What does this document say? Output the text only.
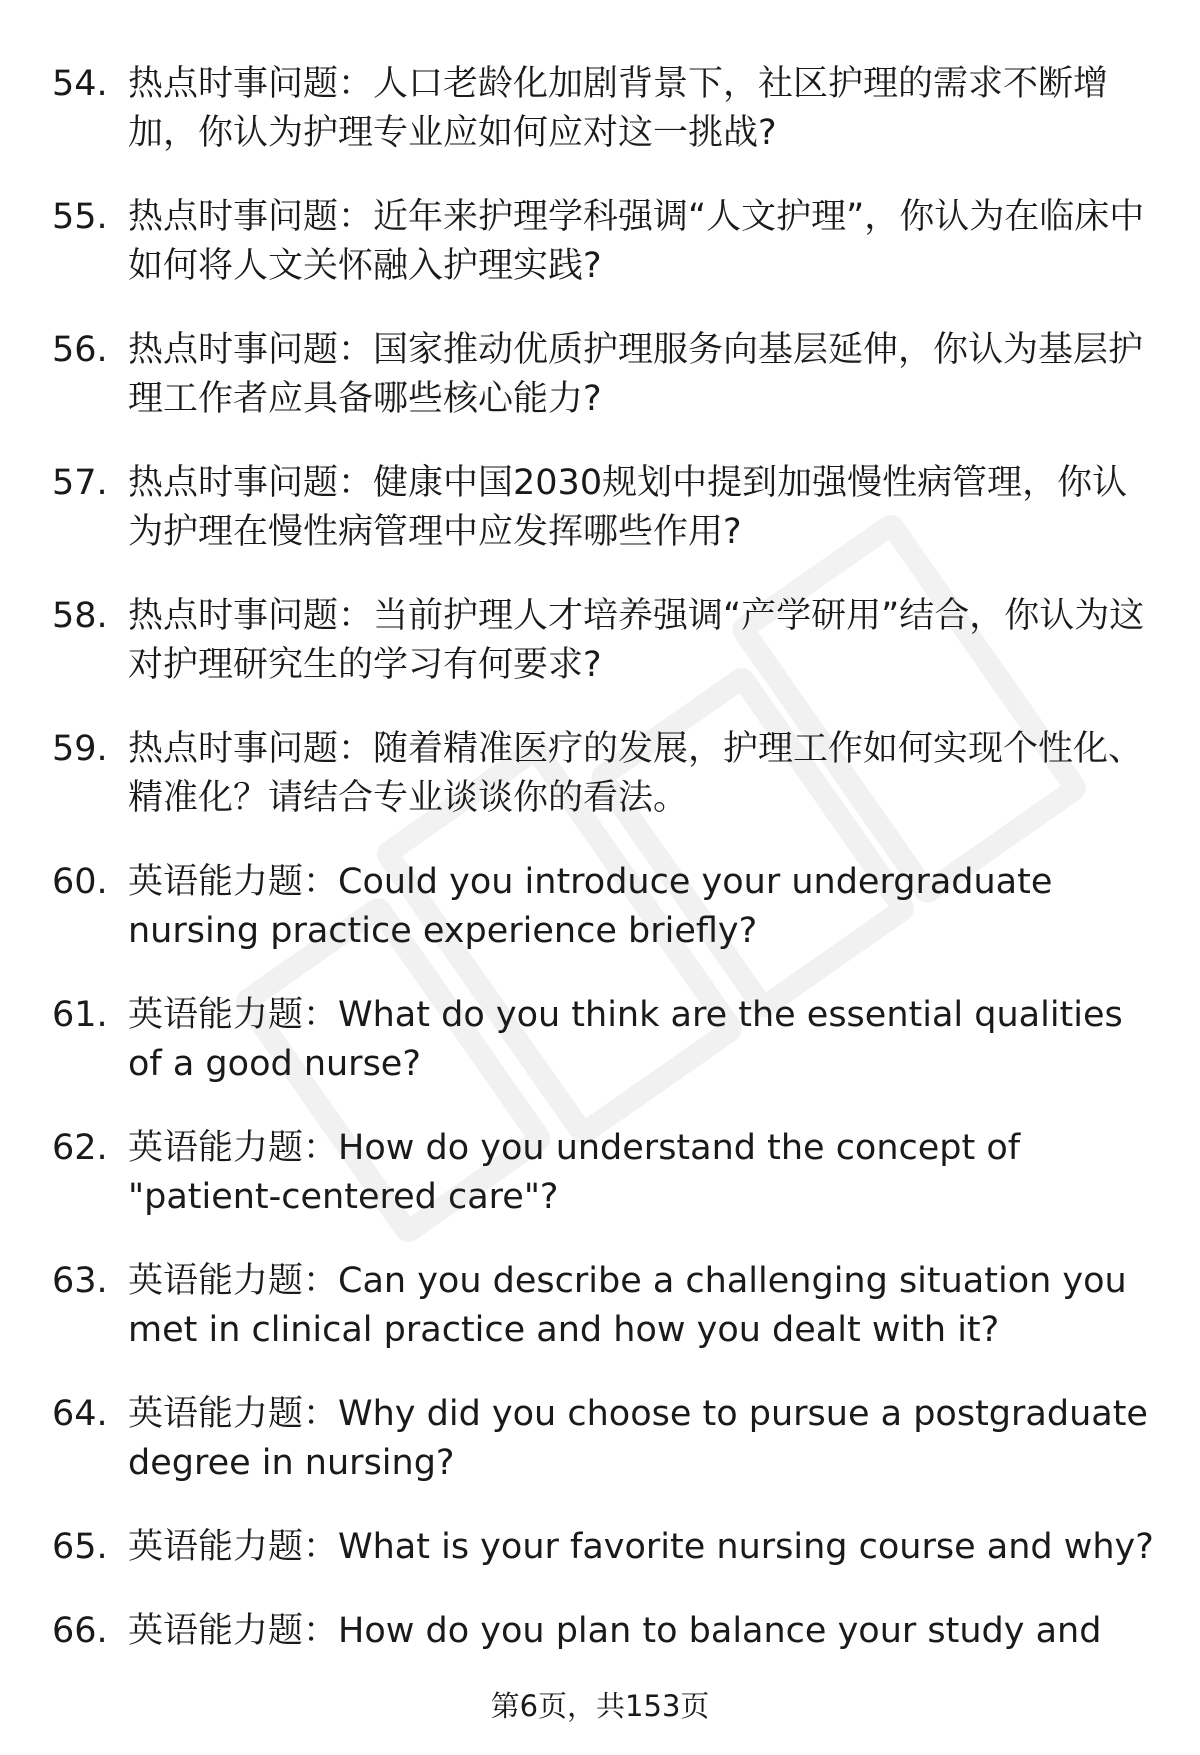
54. 热点时事问题：人口老龄化加剧背景下，社区护理的需求不断增加，你认为护理专业应如何应对这一挑战?
55. 热点时事问题：近年来护理学科强调“人文护理”，你认为在临床中如何将人文关怀融入护理实践?
56. 热点时事问题：国家推动优质护理服务向基层延伸，你认为基层护理工作者应具备哪些核心能力?
57. 热点时事问题：健康中国2030规划中提到加强慢性病管理，你认为护理在慢性病管理中应发挥哪些作用?
58. 热点时事问题：当前护理人才培养强调“产学研用”结合，你认为这对护理研究生的学习有何要求?
59. 热点时事问题：随着精准医疗的发展，护理工作如何实现个性化、精准化？请结合专业谈谈你的看法。
60. 英语能力题：Could you introduce your undergraduate nursing practice experience briefly?
61. 英语能力题：What do you think are the essential qualities of a good nurse?
62. 英语能力题：How do you understand the concept of "patient-centered care"?
63. 英语能力题：Can you describe a challenging situation you met in clinical practice and how you dealt with it?
64. 英语能力题：Why did you choose to pursue a postgraduate degree in nursing?
65. 英语能力题：What is your favorite nursing course and why?
66. 英语能力题：How do you plan to balance your study and
第6页，共153页
